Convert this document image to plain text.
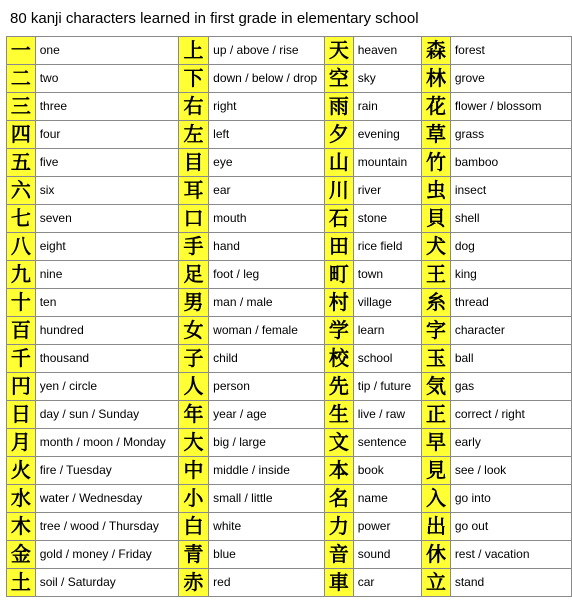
80 kanji characters learned in first grade in elementary school
一	one	上	up / above / rise	天	heaven	森	forest

二	two	下	down / below / drop	空	sky	林	grove

三	three	右	right	雨	rain	花	flower / blossom

四	four	左	left	夕	evening	草	grass

五	five	目	eye	山	mountain	竹	bamboo

六	six	耳	ear	川	river	虫	insect

七	seven	口	mouth	石	stone	貝	shell

八	eight	手	hand	田	rice field	犬	dog

九	nine	足	foot / leg	町	town	王	king

十	ten	男	man / male	村	village	糸	thread

百	hundred	女	woman / female	学	learn	字	character

千	thousand	子	child	校	school	玉	ball

円	yen / circle	人	person	先	tip / future	気	gas

日	day / sun / Sunday	年	year / age	生	live / raw	正	correct / right

月	month / moon / Monday	大	big / large	文	sentence	早	early

火	fire / Tuesday	中	middle / inside	本	book	見	see / look

水	water / Wednesday	小	small / little	名	name	入	go into

木	tree / wood / Thursday	白	white	力	power	出	go out

金	gold / money / Friday	青	blue	音	sound	休	rest / vacation

土	soil / Saturday	赤	red	車	car	立	stand
